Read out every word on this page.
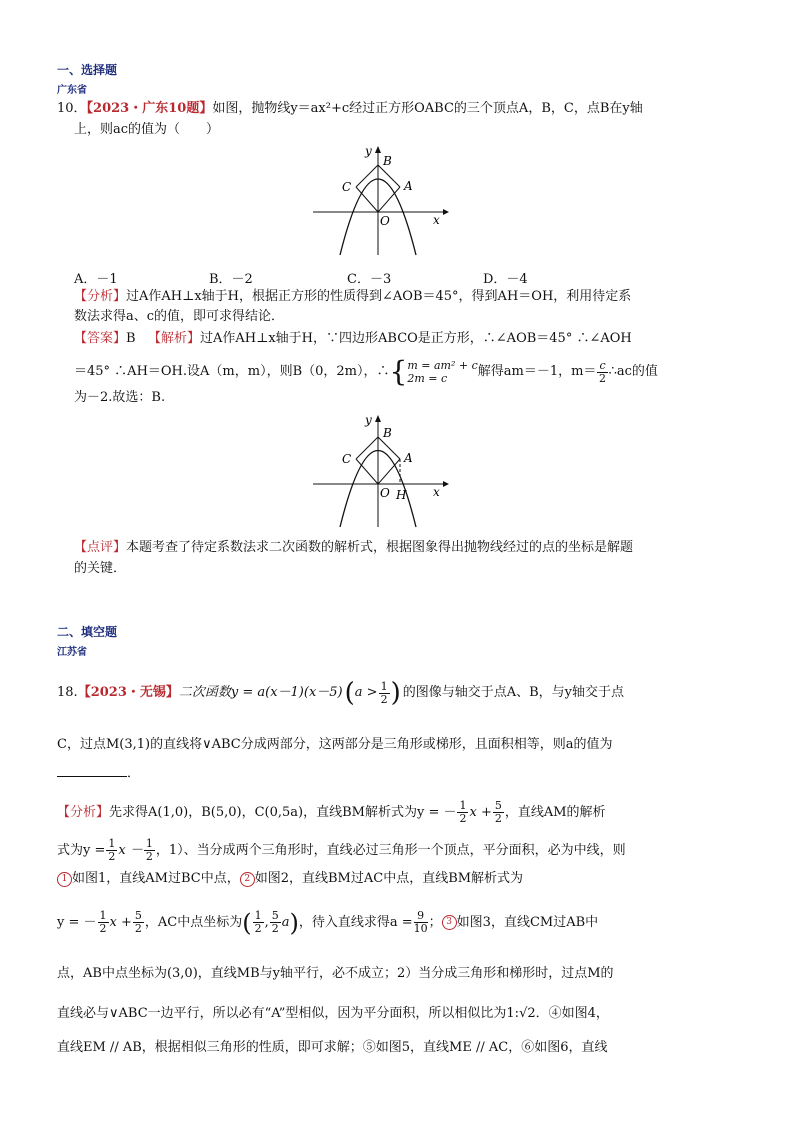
一、选择题
广东省
10．【2023・广东10题】如图，抛物线y＝ax²+c经过正方形OABC的三个顶点A，B，C，点B在y轴
上，则ac的值为（　　）
y
x
B
C	A
O
A．－1	B．－2	C．－3	D．－4
【分析】过A作AH⊥x轴于H，根据正方形的性质得到∠AOB＝45°，得到AH＝OH，利用待定系
数法求得a、c的值，即可求得结论．
【答案】B 【解析】过A作AH⊥x轴于H，∵四边形ABCO是正方形，∴∠AOB＝45° ∴∠AOH
＝45° ∴AH＝OH.设A（m，m），则B（0，2m），∴ { m = am² + c
2m = c	解得am＝－1，$m= \frac{c}{2}$ ∴ac的值
为－2.故选：B.
y
x
B
C	A
O H
【点评】本题考查了待定系数法求二次函数的解析式，根据图象得出抛物线经过的点的坐标是解题
的关键．
二、填空题
江苏省
18. 【2023・无锡】 二次函数y = a(x－1)(x－5) ( $a > \frac{1}{2}$ ) 的图像与轴交于点A、B，与y轴交于点
C，过点M(3,1)的直线将∨ABC分成两部分，这两部分是三角形或梯形，且面积相等，则a的值为
．
【分析】 先求得A(1,0)，B(5,0)，C(0,5a)，直线BM解析式为y = － $\frac{1}{2}$ $x + \frac{5}{2}$ ，直线AM的解析
式为$y = \frac{1}{2}$ $x - \frac{1}{2}$ ，1）、当分成两个三角形时，直线必过三角形一个顶点，平分面积，必为中线，则
1 如图1，直线AM过BC中点， 2 如图2，直线BM过AC中点，直线BM解析式为
y = － $\frac{1}{2}$ $x + \frac{5}{2}$ ，AC中点坐标为 ( $\frac{1}{2}$ , $\frac{5}{2}$ a ) ，待入直线求得$a = \frac{9}{10}$ ； 3 如图3，直线CM过AB中
点，AB中点坐标为(3,0)，直线MB与y轴平行，必不成立；2）当分成三角形和梯形时，过点M的
直线必与∨ABC一边平行，所以必有“A”型相似，因为平分面积，所以相似比为1:√2．④如图4，
直线EM // AB，根据相似三角形的性质，即可求解；⑤如图5，直线ME // AC，⑥如图6，直线
